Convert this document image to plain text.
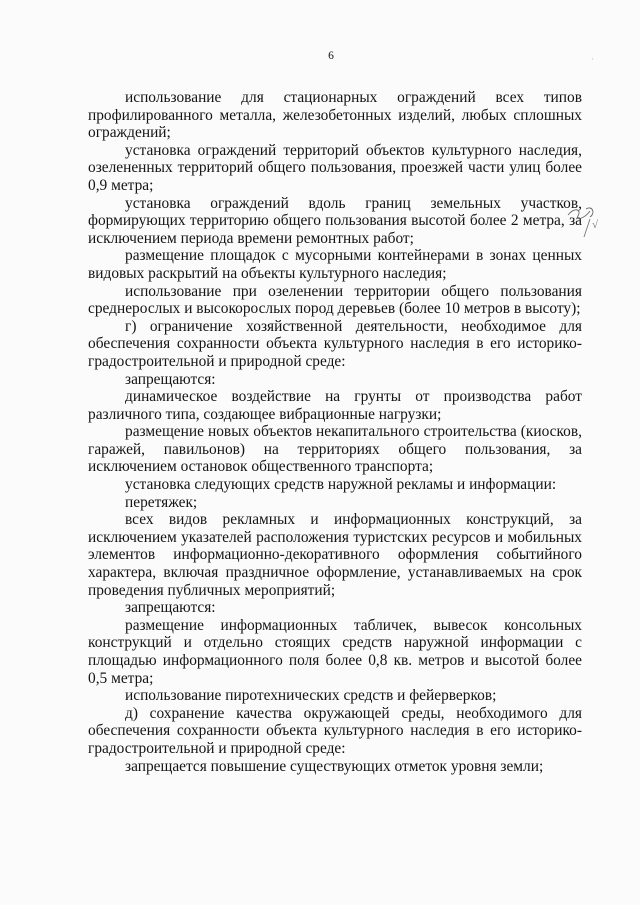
6

использование для стационарных ограждений всех типов профилированного металла, железобетонных изделий, любых сплошных ограждений;

установка ограждений территорий объектов культурного наследия, озелененных территорий общего пользования, проезжей части улиц более 0,9 метра;

установка ограждений вдоль границ земельных участков, формирующих территорию общего пользования высотой более 2 метра, за исключением периода времени ремонтных работ;

размещение площадок с мусорными контейнерами в зонах ценных видовых раскрытий на объекты культурного наследия;

использование при озеленении территории общего пользования среднерослых и высокорослых пород деревьев (более 10 метров в высоту);

г) ограничение хозяйственной деятельности, необходимое для обеспечения сохранности объекта культурного наследия в его историко-градостроительной и природной среде:

запрещаются:

динамическое воздействие на грунты от производства работ различного типа, создающее вибрационные нагрузки;

размещение новых объектов некапитального строительства (киосков, гаражей, павильонов) на территориях общего пользования, за исключением остановок общественного транспорта;

установка следующих средств наружной рекламы и информации:

перетяжек;

всех видов рекламных и информационных конструкций, за исключением указателей расположения туристских ресурсов и мобильных элементов информационно-декоративного оформления событийного характера, включая праздничное оформление, устанавливаемых на срок проведения публичных мероприятий;

запрещаются:

размещение информационных табличек, вывесок консольных конструкций и отдельно стоящих средств наружной информации с площадью информационного поля более 0,8 кв. метров и высотой более 0,5 метра;

использование пиротехнических средств и фейерверков;

д) сохранение качества окружающей среды, необходимого для обеспечения сохранности объекта культурного наследия в его историко-градостроительной и природной среде:

запрещается повышение существующих отметок уровня земли;

√
·
